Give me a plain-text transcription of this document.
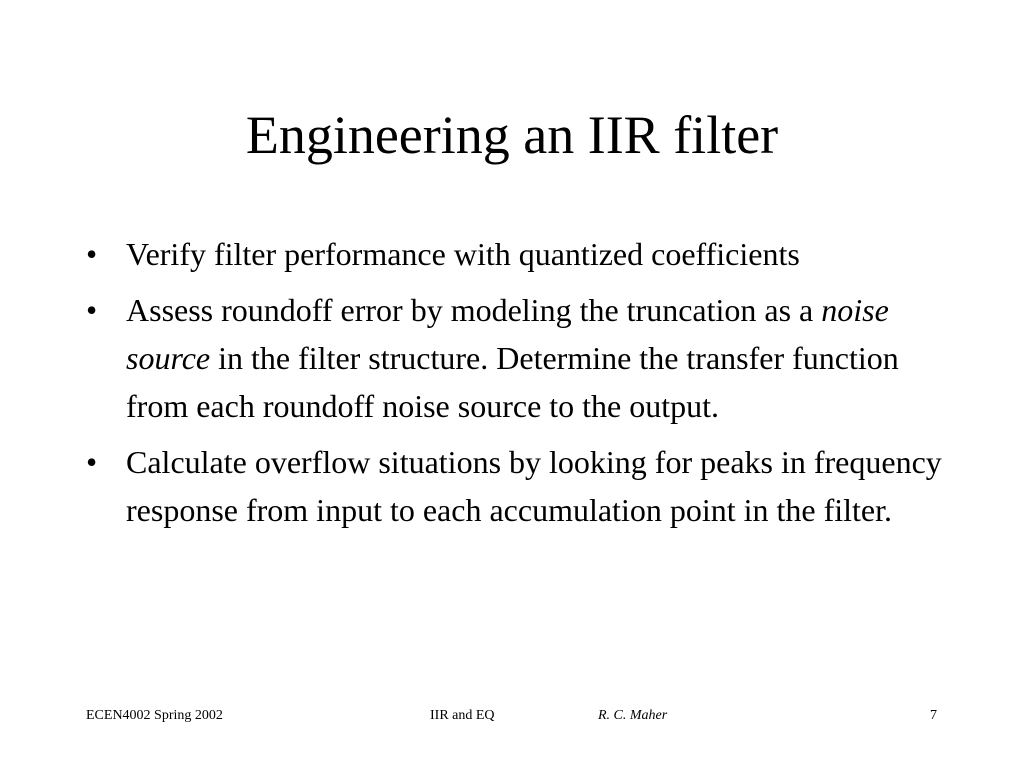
Engineering an IIR filter
• Verify filter performance with quantized coefficients
• Assess roundoff error by modeling the truncation as a noise source in the filter structure. Determine the transfer function from each roundoff noise source to the output.
• Calculate overflow situations by looking for peaks in frequency response from input to each accumulation point in the filter.
ECEN4002 Spring 2002	IIR and EQ	R. C. Maher	7
